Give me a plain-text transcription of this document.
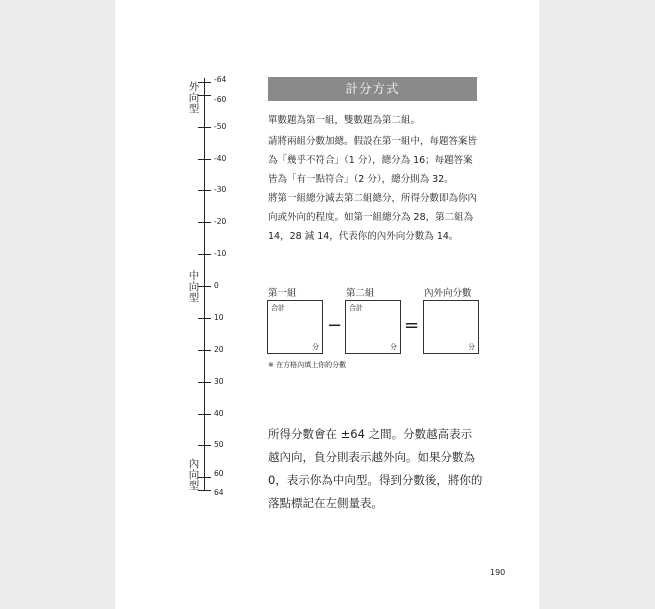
-64
-60
-50
-40
-30
-20
-10
0
10
20
30
40
50
60
64
外向型
中向型
內向型
計分方式
單數題為第一組，雙數題為第二組。
請將兩組分數加總。假設在第一組中，每題答案皆為「幾乎不符合」（1 分），總分為 16；每題答案皆為「有一點符合」（2 分），總分則為 32。
將第一組總分減去第二組總分，所得分數即為你內向或外向的程度。如第一組總分為 28，第二組為 14，28 減 14，代表你的內外向分數為 14。
第一組	第二組	內外向分數
合計
分
−
合計
分
=
分
※ 在方格內填上你的分數
所得分數會在 ±64 之間。分數越高表示越內向，負分則表示越外向。如果分數為 0，表示你為中向型。得到分數後，將你的落點標記在左側量表。
190
